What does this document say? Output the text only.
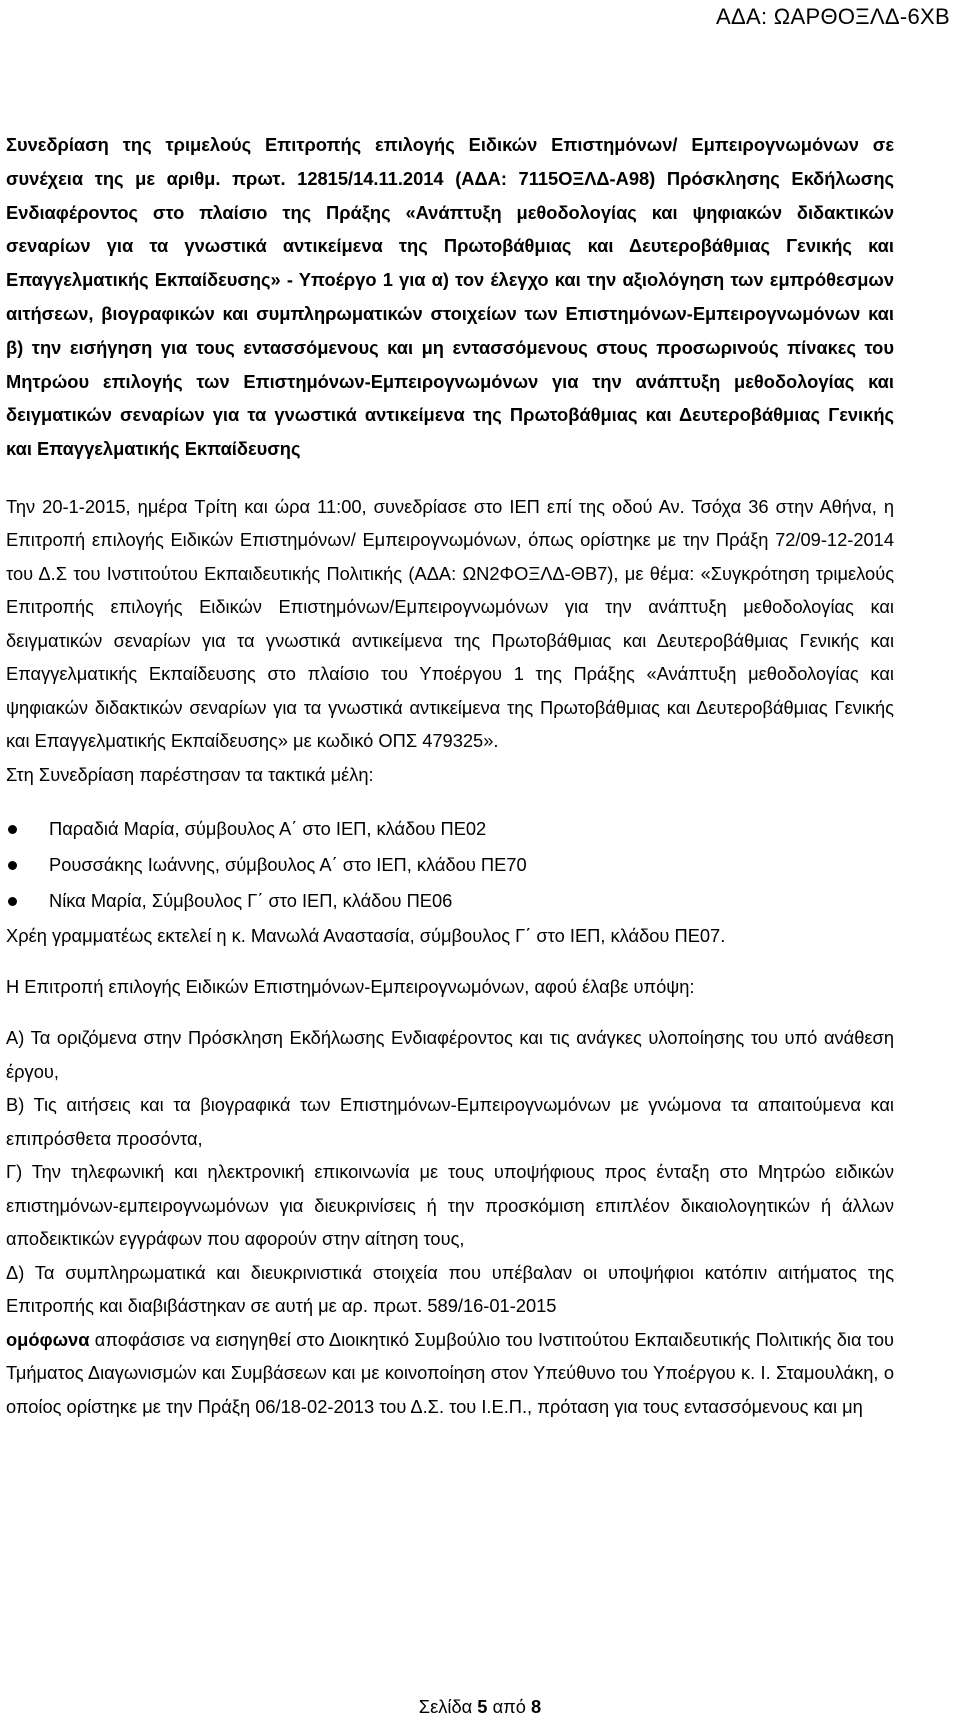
ΑΔΑ: ΩΑΡΘΟΞΛΔ-6ΧΒ

Συνεδρίαση της τριμελούς Επιτροπής επιλογής Ειδικών Επιστημόνων/ Εμπειρογνωμόνων σε συνέχεια της με αριθμ. πρωτ. 12815/14.11.2014 (ΑΔΑ: 7115ΟΞΛΔ-Α98) Πρόσκλησης Εκδήλωσης Ενδιαφέροντος στο πλαίσιο της Πράξης «Ανάπτυξη μεθοδολογίας και ψηφιακών διδακτικών σεναρίων για τα γνωστικά αντικείμενα της Πρωτοβάθμιας και Δευτεροβάθμιας Γενικής και Επαγγελματικής Εκπαίδευσης» - Υποέργο 1 για α) τον έλεγχο και την αξιολόγηση των εμπρόθεσμων αιτήσεων, βιογραφικών και συμπληρωματικών στοιχείων των Επιστημόνων-Εμπειρογνωμόνων και β) την εισήγηση για τους εντασσόμενους και μη εντασσόμενους στους προσωρινούς πίνακες του Μητρώου επιλογής των Επιστημόνων-Εμπειρογνωμόνων για την ανάπτυξη μεθοδολογίας και δειγματικών σεναρίων για τα γνωστικά αντικείμενα της Πρωτοβάθμιας και Δευτεροβάθμιας Γενικής και Επαγγελματικής Εκπαίδευσης

Την 20-1-2015, ημέρα Τρίτη και ώρα 11:00, συνεδρίασε στο ΙΕΠ επί της οδού Αν. Τσόχα 36 στην Αθήνα, η Επιτροπή επιλογής Ειδικών Επιστημόνων/ Εμπειρογνωμόνων, όπως ορίστηκε με την Πράξη 72/09-12-2014 του Δ.Σ του Ινστιτούτου Εκπαιδευτικής Πολιτικής (ΑΔΑ: ΩΝ2ΦΟΞΛΔ-ΘΒ7), με θέμα: «Συγκρότηση τριμελούς Επιτροπής επιλογής Ειδικών Επιστημόνων/Εμπειρογνωμόνων για την ανάπτυξη μεθοδολογίας και δειγματικών σεναρίων για τα γνωστικά αντικείμενα της Πρωτοβάθμιας και Δευτεροβάθμιας Γενικής και Επαγγελματικής Εκπαίδευσης στο πλαίσιο του Υποέργου 1 της Πράξης «Ανάπτυξη μεθοδολογίας και ψηφιακών διδακτικών σεναρίων για τα γνωστικά αντικείμενα της Πρωτοβάθμιας και Δευτεροβάθμιας Γενικής και Επαγγελματικής Εκπαίδευσης» με κωδικό ΟΠΣ 479325».

Στη Συνεδρίαση παρέστησαν τα τακτικά μέλη:

Παραδιά Μαρία, σύμβουλος Α΄ στο ΙΕΠ, κλάδου ΠΕ02
Ρουσσάκης Ιωάννης, σύμβουλος Α΄ στο ΙΕΠ, κλάδου ΠΕ70
Νίκα Μαρία, Σύμβουλος Γ΄ στο ΙΕΠ, κλάδου ΠΕ06

Χρέη γραμματέως εκτελεί η κ. Μανωλά Αναστασία, σύμβουλος Γ΄ στο ΙΕΠ, κλάδου ΠΕ07.

Η Επιτροπή επιλογής Ειδικών Επιστημόνων-Εμπειρογνωμόνων, αφού έλαβε υπόψη:

Α) Τα οριζόμενα στην Πρόσκληση Εκδήλωσης Ενδιαφέροντος και τις ανάγκες υλοποίησης του υπό ανάθεση έργου,

Β) Τις αιτήσεις και τα βιογραφικά των Επιστημόνων-Εμπειρογνωμόνων με γνώμονα τα απαιτούμενα και επιπρόσθετα προσόντα,

Γ) Την τηλεφωνική και ηλεκτρονική επικοινωνία με τους υποψήφιους προς ένταξη στο Μητρώο ειδικών επιστημόνων-εμπειρογνωμόνων για διευκρινίσεις ή την προσκόμιση επιπλέον δικαιολογητικών ή άλλων αποδεικτικών εγγράφων που αφορούν στην αίτηση τους,

Δ) Τα συμπληρωματικά και διευκρινιστικά στοιχεία που υπέβαλαν οι υποψήφιοι κατόπιν αιτήματος της Επιτροπής και διαβιβάστηκαν σε αυτή με αρ. πρωτ. 589/16-01-2015

ομόφωνα αποφάσισε να εισηγηθεί στο Διοικητικό Συμβούλιο του Ινστιτούτου Εκπαιδευτικής Πολιτικής δια του Τμήματος Διαγωνισμών και Συμβάσεων και με κοινοποίηση στον Υπεύθυνο του Υποέργου κ. Ι. Σταμουλάκη, ο οποίος ορίστηκε με την Πράξη 06/18-02-2013 του Δ.Σ. του Ι.Ε.Π., πρόταση για τους εντασσόμενους και μη

Σελίδα 5 από 8
